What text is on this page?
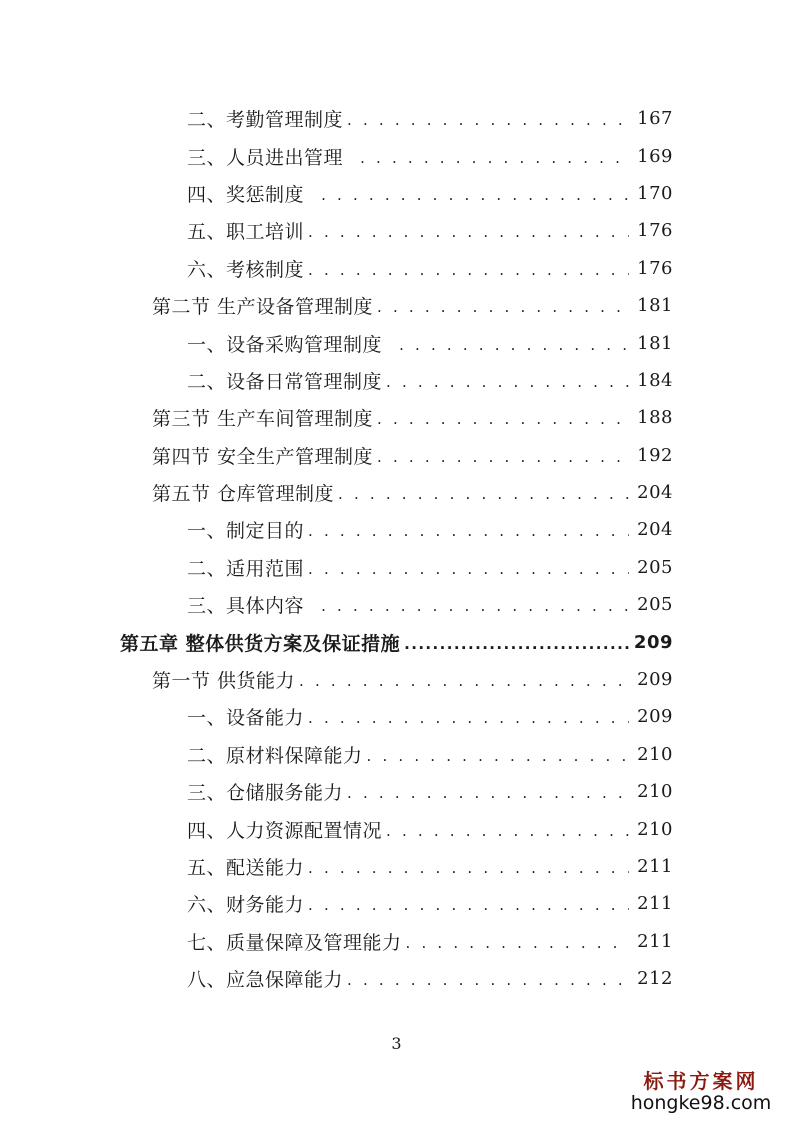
二、考勤管理制度 . . .	167
三、人员进出管理 . . .	169
四、奖惩制度 . . .	170
五、职工培训 . . .	176
六、考核制度 . . .	176
第二节 生产设备管理制度 . . .	181
一、设备采购管理制度 . . .	181
二、设备日常管理制度 . . .	184
第三节 生产车间管理制度 . . .	188
第四节 安全生产管理制度 . . .	192
第五节 仓库管理制度 . . .	204
一、制定目的 . . .	204
二、适用范围 . . .	205
三、具体内容 . . .	205
第五章 整体供货方案及保证措施 .....	209
第一节 供货能力 . . .	209
一、设备能力 . . .	209
二、原材料保障能力 . . .	210
三、仓储服务能力 . . .	210
四、人力资源配置情况 . . .	210
五、配送能力 . . .	211
六、财务能力 . . .	211
七、质量保障及管理能力 . . .	211
八、应急保障能力 . . .	212
3
标书方案网
hongke98.com
